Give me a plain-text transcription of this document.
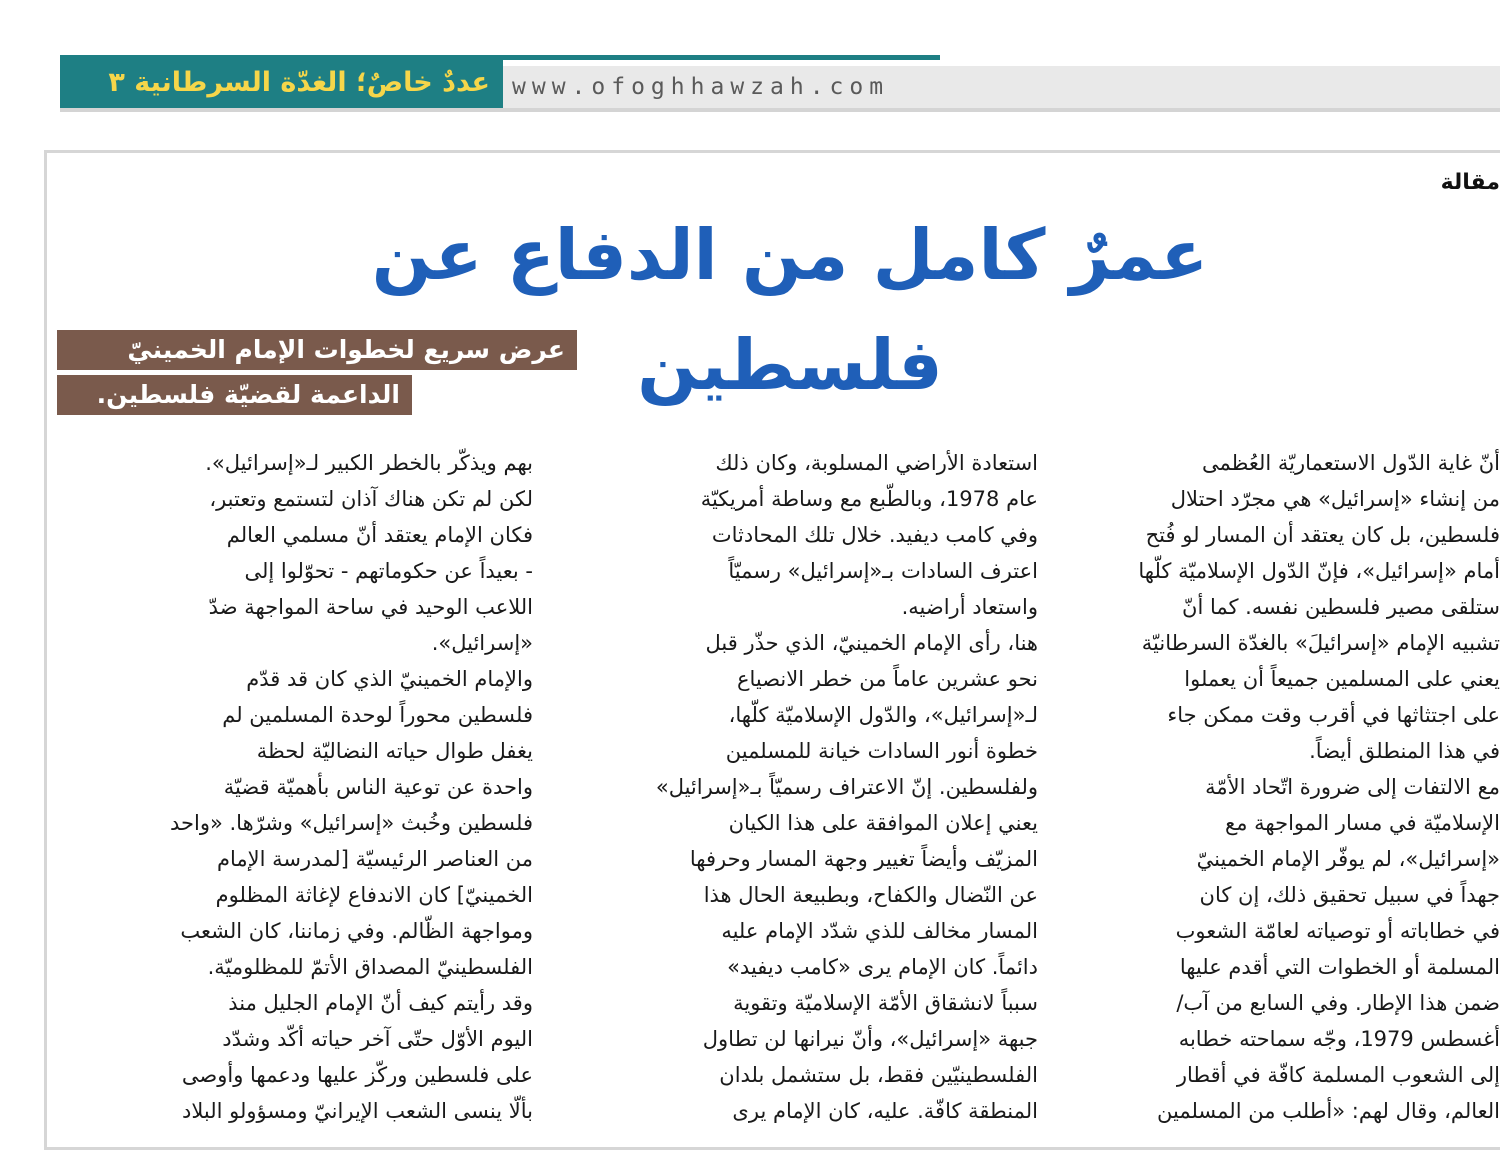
عددٌ خاصٌ؛ الغدّة السرطانية ٣ www.ofoghhawzah.com
مقالة
عمرٌ كامل من الدفاع عن فلسطين
عرض سريع لخطوات الإمام الخمينيّ
الداعمة لقضيّة فلسطين.

أنّ غاية الدّول الاستعماريّة العُظمى
من إنشاء «إسرائيل» هي مجرّد احتلال
فلسطين، بل كان يعتقد أن المسار لو فُتح
أمام «إسرائيل»، فإنّ الدّول الإسلاميّة كلّها
ستلقى مصير فلسطين نفسه. كما أنّ
تشبيه الإمام «إسرائيلَ» بالغدّة السرطانيّة
يعني على المسلمين جميعاً أن يعملوا
على اجتثاثها في أقرب وقت ممكن جاء
في هذا المنطلق أيضاً.

مع الالتفات إلى ضرورة اتّحاد الأمّة
الإسلاميّة في مسار المواجهة مع
«إسرائيل»، لم يوفّر الإمام الخمينيّ
جهداً في سبيل تحقيق ذلك، إن كان
في خطاباته أو توصياته لعامّة الشعوب
المسلمة أو الخطوات التي أقدم عليها
ضمن هذا الإطار. وفي السابع من آب/
أغسطس 1979، وجّه سماحته خطابه
إلى الشعوب المسلمة كافّة في أقطار
العالم، وقال لهم: «أطلب من المسلمين

استعادة الأراضي المسلوبة، وكان ذلك
عام 1978، وبالطّبع مع وساطة أمريكيّة
وفي كامب ديفيد. خلال تلك المحادثات
اعترف السادات بـ«إسرائيل» رسميّاً
واستعاد أراضيه.

هنا، رأى الإمام الخمينيّ، الذي حذّر قبل
نحو عشرين عاماً من خطر الانصياع
لـ«إسرائيل»، والدّول الإسلاميّة كلّها،
خطوة أنور السادات خيانة للمسلمين
ولفلسطين. إنّ الاعتراف رسميّاً بـ«إسرائيل»
يعني إعلان الموافقة على هذا الكيان
المزيّف وأيضاً تغيير وجهة المسار وحرفها
عن النّضال والكفاح، وبطبيعة الحال هذا
المسار مخالف للذي شدّد الإمام عليه
دائماً. كان الإمام يرى «كامب ديفيد»
سبباً لانشقاق الأمّة الإسلاميّة وتقوية
جبهة «إسرائيل»، وأنّ نيرانها لن تطاول
الفلسطينيّين فقط، بل ستشمل بلدان
المنطقة كافّة. عليه، كان الإمام يرى

بهم ويذكّر بالخطر الكبير لـ«إسرائيل».
لكن لم تكن هناك آذان لتستمع وتعتبر،
فكان الإمام يعتقد أنّ مسلمي العالم
- بعيداً عن حكوماتهم - تحوّلوا إلى
اللاعب الوحيد في ساحة المواجهة ضدّ
«إسرائيل».

والإمام الخمينيّ الذي كان قد قدّم
فلسطين محوراً لوحدة المسلمين لم
يغفل طوال حياته النضاليّة لحظة
واحدة عن توعية الناس بأهميّة قضيّة
فلسطين وخُبث «إسرائيل» وشرّها. «واحد
من العناصر الرئيسيّة [لمدرسة الإمام
الخمينيّ] كان الاندفاع لإغاثة المظلوم
ومواجهة الظّالم. وفي زماننا، كان الشعب
الفلسطينيّ المصداق الأتمّ للمظلوميّة.
وقد رأيتم كيف أنّ الإمام الجليل منذ
اليوم الأوّل حتّى آخر حياته أكّد وشدّد
على فلسطين وركّز عليها ودعمها وأوصى
بألّا ينسى الشعب الإيرانيّ ومسؤولو البلاد
